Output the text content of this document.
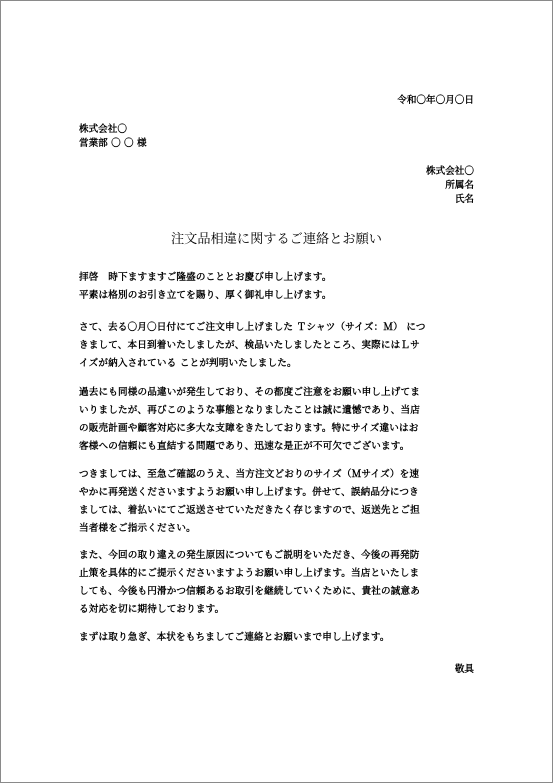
令和〇年〇月〇日
株式会社〇
営業部 〇 〇 様
株式会社〇
所属名
氏名
注文品相違に関するご連絡とお願い
拝啓　時下ますますご隆盛のこととお慶び申し上げます。
平素は格別のお引き立てを賜り、厚く御礼申し上げます。
さて、去る〇月〇日付にてご注文申し上げました Ｔシャツ（サイズ：Ｍ） につ
きまして、本日到着いたしましたが、検品いたしましたところ、実際にはＬサ
イズが納入されている ことが判明いたしました。
過去にも同様の品違いが発生しており、その都度ご注意をお願い申し上げてま
いりましたが、再びこのような事態となりましたことは誠に遺憾であり、当店
の販売計画や顧客対応に多大な支障をきたしております。特にサイズ違いはお
客様への信頼にも直結する問題であり、迅速な是正が不可欠でございます。
つきましては、至急ご確認のうえ、当方注文どおりのサイズ（Ｍサイズ）を速
やかに再発送くださいますようお願い申し上げます。併せて、誤納品分につき
ましては、着払いにてご返送させていただきたく存じますので、返送先とご担
当者様をご指示ください。
また、今回の取り違えの発生原因についてもご説明をいただき、今後の再発防
止策を具体的にご提示くださいますようお願い申し上げます。当店といたしま
しても、今後も円滑かつ信頼あるお取引を継続していくために、貴社の誠意あ
る対応を切に期待しております。
まずは取り急ぎ、本状をもちましてご連絡とお願いまで申し上げます。
敬具
